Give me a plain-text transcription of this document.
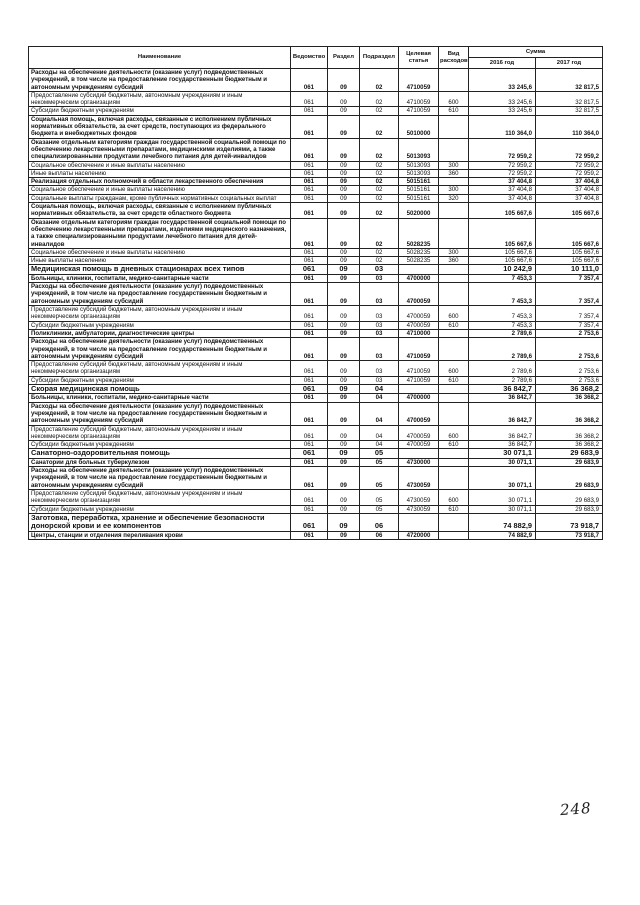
Наименование	Ведомство	Раздел	Подраздел	Целевая статья	Вид расходов	Сумма	
						2016 год	2017 год
Расходы на обеспечение деятельности (оказание услуг) подведомственных учреждений, в том числе на предоставление государственным бюджетным и автономным учреждениям субсидий	061	09	02	4710059		33 245,6	32 817,5
Предоставление субсидий бюджетным, автономным учреждениям и иным некоммерческим организациям	061	09	02	4710059	600	33 245,6	32 817,5
Субсидии бюджетным учреждениям	061	09	02	4710059	610	33 245,6	32 817,5
Социальная помощь, включая расходы, связанные с исполнением публичных нормативных обязательств, за счет средств, поступающих из федерального бюджета и внебюджетных фондов	061	09	02	5010000		110 364,0	110 364,0
Оказание отдельным категориям граждан государственной социальной помощи по обеспечению лекарственными препаратами, медицинскими изделиями, а также специализированными продуктами лечебного питания для детей-инвалидов	061	09	02	5013093		72 959,2	72 959,2
Социальное обеспечение и иные выплаты населению	061	09	02	5013093	300	72 959,2	72 959,2
Иные выплаты населению	061	09	02	5013093	360	72 959,2	72 959,2
Реализация отдельных полномочий в области лекарственного обеспечения	061	09	02	5015161		37 404,8	37 404,8
Социальное обеспечение и иные выплаты населению	061	09	02	5015161	300	37 404,8	37 404,8
Социальные выплаты гражданам, кроме публичных нормативных социальных выплат	061	09	02	5015161	320	37 404,8	37 404,8
Социальная помощь, включая расходы, связанные с исполнением публичных нормативных обязательств, за счет средств областного бюджета	061	09	02	5020000		105 667,6	105 667,6
Оказание отдельным категориям граждан государственной социальной помощи по обеспечению лекарственными препаратами, изделиями медицинского назначения, а также специализированными продуктами лечебного питания для детей-инвалидов	061	09	02	5028235		105 667,6	105 667,6
Социальное обеспечение и иные выплаты населению	061	09	02	5028235	300	105 667,6	105 667,6
Иные выплаты населению	061	09	02	5028235	360	105 667,6	105 667,6
Медицинская помощь в дневных стационарах всех типов	061	09	03			10 242,9	10 111,0
Больницы, клиники, госпитали, медико-санитарные части	061	09	03	4700000		7 453,3	7 357,4
Расходы на обеспечение деятельности (оказание услуг) подведомственных учреждений, в том числе на предоставление государственным бюджетным и автономным учреждениям субсидий	061	09	03	4700059		7 453,3	7 357,4
Предоставление субсидий бюджетным, автономным учреждениям и иным некоммерческим организациям	061	09	03	4700059	600	7 453,3	7 357,4
Субсидии бюджетным учреждениям	061	09	03	4700059	610	7 453,3	7 357,4
Поликлиники, амбулатории, диагностические центры	061	09	03	4710000		2 789,6	2 753,6
Расходы на обеспечение деятельности (оказание услуг) подведомственных учреждений, в том числе на предоставление государственным бюджетным и автономным учреждениям субсидий	061	09	03	4710059		2 789,6	2 753,6
Предоставление субсидий бюджетным, автономным учреждениям и иным некоммерческим организациям	061	09	03	4710059	600	2 789,6	2 753,6
Субсидии бюджетным учреждениям	061	09	03	4710059	610	2 789,6	2 753,6
Скорая медицинская помощь	061	09	04			36 842,7	36 368,2
Больницы, клиники, госпитали, медико-санитарные части	061	09	04	4700000		36 842,7	36 368,2
Расходы на обеспечение деятельности (оказание услуг) подведомственных учреждений, в том числе на предоставление государственным бюджетным и автономным учреждениям субсидий	061	09	04	4700059		36 842,7	36 368,2
Предоставление субсидий бюджетным, автономным учреждениям и иным некоммерческим организациям	061	09	04	4700059	600	36 842,7	36 368,2
Субсидии бюджетным учреждениям	061	09	04	4700059	610	36 842,7	36 368,2
Санаторно-оздоровительная помощь	061	09	05			30 071,1	29 683,9
Санатории для больных туберкулезом	061	09	05	4730000		30 071,1	29 683,9
Расходы на обеспечение деятельности (оказание услуг) подведомственных учреждений, в том числе на предоставление государственным бюджетным и автономным учреждениям субсидий	061	09	05	4730059		30 071,1	29 683,9
Предоставление субсидий бюджетным, автономным учреждениям и иным некоммерческим организациям	061	09	05	4730059	600	30 071,1	29 683,9
Субсидии бюджетным учреждениям	061	09	05	4730059	610	30 071,1	29 683,9
Заготовка, переработка, хранение и обеспечение безопасности донорской крови и ее компонентов	061	09	06			74 882,9	73 918,7
Центры, станции и отделения переливания крови	061	09	06	4720000		74 882,9	73 918,7
248
